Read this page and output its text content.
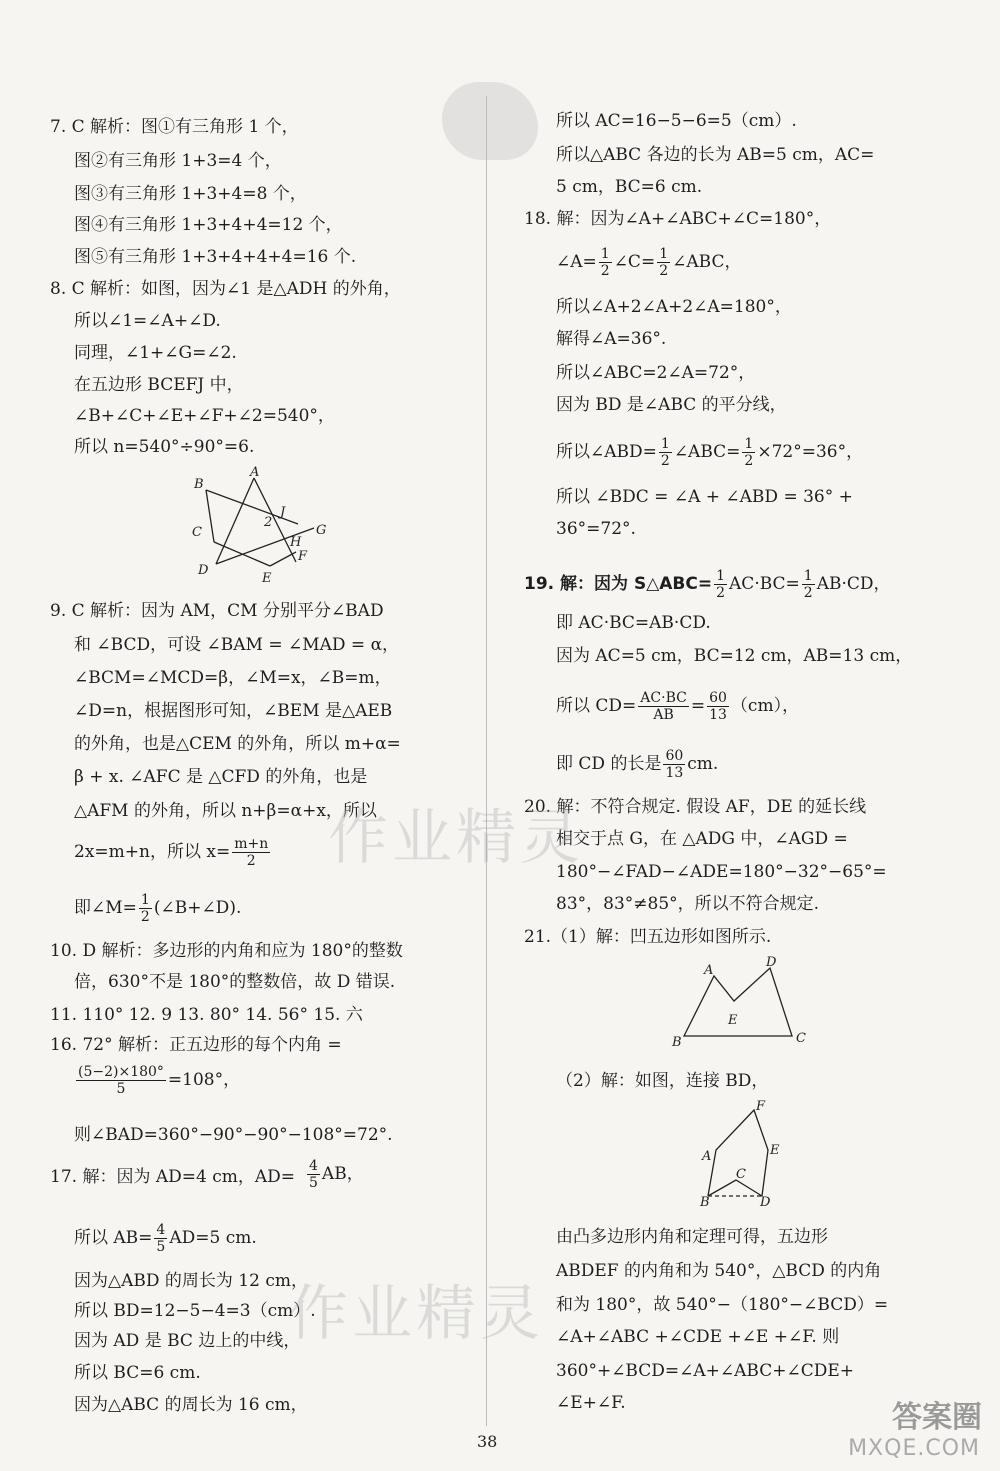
7. C 解析：图①有三角形 1 个，
图②有三角形 1+3=4 个，
图③有三角形 1+3+4=8 个，
图④有三角形 1+3+4+4=12 个，
图⑤有三角形 1+3+4+4+4=16 个.
8. C 解析：如图，因为∠1 是△ADH 的外角，
所以∠1=∠A+∠D.
同理，∠1+∠G=∠2.
在五边形 BCEFJ 中，
∠B+∠C+∠E+∠F+∠2=540°，
所以 n=540°÷90°=6.
9. C 解析：因为 AM，CM 分别平分∠BAD
和 ∠BCD，可设 ∠BAM = ∠MAD = α，
∠BCM=∠MCD=β，∠M=x，∠B=m，
∠D=n，根据图形可知，∠BEM 是△AEB
的外角，也是△CEM 的外角，所以 m+α=
β + x. ∠AFC 是 △CFD 的外角，也是
△AFM 的外角，所以 n+β=α+x，所以
10. D 解析：多边形的内角和应为 180°的整数
倍，630°不是 180°的整数倍，故 D 错误.
11. 110° 12. 9 13. 80° 14. 56° 15. 六
16. 72° 解析：正五边形的每个内角 =
则∠BAD=360°−90°−90°−108°=72°.
17. 解：因为 AD=4 cm，AD=
因为△ABD 的周长为 12 cm，
所以 BD=12−5−4=3（cm）.
因为 AD 是 BC 边上的中线，
所以 BC=6 cm.
因为△ABC 的周长为 16 cm，
所以 AC=16−5−6=5（cm）.
所以△ABC 各边的长为 AB=5 cm，AC=
5 cm，BC=6 cm.
18. 解：因为∠A+∠ABC+∠C=180°，
所以∠A+2∠A+2∠A=180°，
解得∠A=36°.
所以∠ABC=2∠A=72°，
因为 BD 是∠ABC 的平分线，
所以 ∠BDC = ∠A + ∠ABD = 36° +
36°=72°.
即 AC·BC=AB·CD.
因为 AC=5 cm，BC=12 cm，AB=13 cm，
20. 解：不符合规定. 假设 AF，DE 的延长线
相交于点 G，在 △ADG 中，∠AGD =
180°−∠FAD−∠ADE=180°−32°−65°=
83°，83°≠85°，所以不符合规定.
21.（1）解：凹五边形如图所示.
（2）解：如图，连接 BD，
由凸多边形内角和定理可得，五边形
ABDEF 的内角和为 540°，△BCD 的内角
和为 180°，故 540°−（180°−∠BCD）=
∠A+∠ABC +∠CDE +∠E +∠F. 则
360°+∠BCD=∠A+∠ABC+∠CDE+
∠E+∠F.
2x=m+n，所以 $x= \frac{m+n}{2}$
即∠M= $\frac{1}{2}$ (∠B+∠D).
$\frac{(5-2)\times 180^\circ}{5} =108^\circ$，
$\frac{4}{5}$ AB，
所以 $AB= \frac{4}{5} AD=5$ cm.
∠A= $\frac{1}{2}$ ∠C= $\frac{1}{2}$ ∠ABC，
所以∠ABD= $\frac{1}{2}$ ∠ABC= $\frac{1}{2} \times 72^\circ=36^\circ$，
19. 解：因为 S△ABC= $\frac{1}{2} AC\cdot BC= \frac{1}{2} AB\cdot CD$，
所以 $CD= \frac{AC\cdot BC}{AB} = \frac{60}{13} (cm)$，
即 CD 的长是 $\frac{60}{13}$ cm.
A
B
C
D
E
F
G
H
J
2
A
D
E
B	C
F
A
C
E
B	D
作业精灵
作业精灵
38
答案圈
MXQE.COM
